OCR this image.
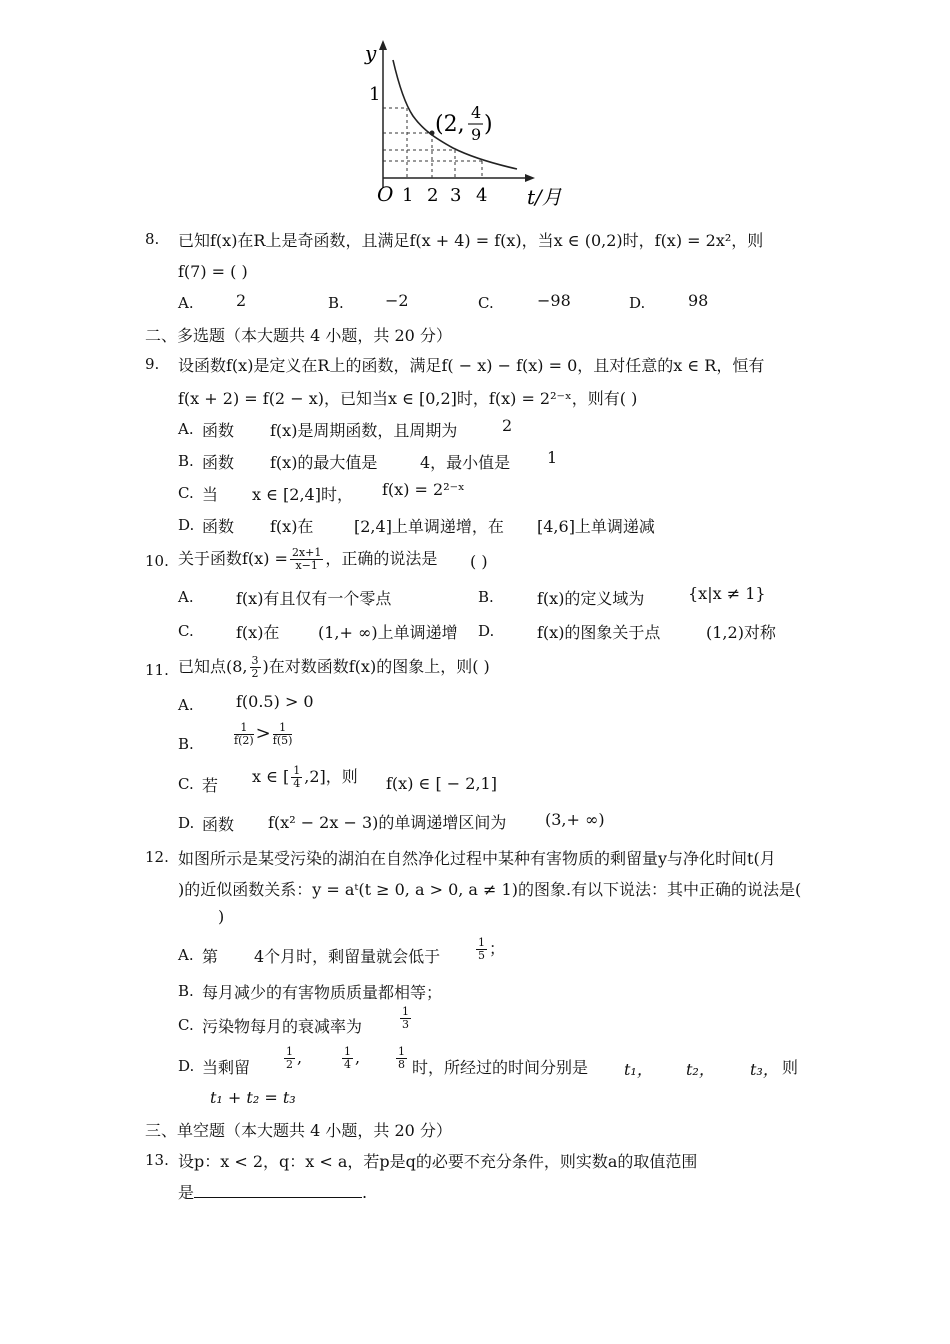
y
1
O 1 2 3 4 t/月
(2, 4
9 )
8. 已知f(x)在R上是奇函数，且满足f(x + 4) = f(x)，当x ∈ (0,2)时，f(x) = 2x²，则
f(7) = ( )
A.	2	B.	−2	C.	−98	D.	98
二、多选题（本大题共 4 小题，共 20 分）
9. 设函数f(x)是定义在R上的函数，满足f( − x) − f(x) = 0，且对任意的x ∈ R，恒有
f(x + 2) = f(2 − x)，已知当x ∈ [0,2]时，f(x) = 2²⁻ˣ，则有( )
A. 函数 f(x)是周期函数，且周期为	2
B. 函数 f(x)的最大值是	4，最小值是 1
C. 当 x ∈ [2,4]时， f(x) = 2²⁻ˣ
D. 函数 f(x)在	[2,4]上单调递增，在 [4,6]上单调递减
10. 关于函数$f(x) = \frac{2x+1}{x-1}$ ，正确的说法是 ( )
A.	f(x)有且仅有一个零点	B.	f(x)的定义域为	{x|x ≠ 1}
C.	f(x)在 (1,+ ∞)上单调递增 D.	f(x)的图象关于点	(1,2)对称
11. 已知点(8, $\frac{3}{2}$ )在对数函数f(x)的图象上，则( )
A.	f(0.5) > 0
B.	$\frac{1}{f(2)} > \frac{1}{f(5)}$
C. 若 x ∈ [ $\frac{1}{4} ,2$]，则 f(x) ∈ [ − 2,1]
D. 函数 f(x² − 2x − 3)的单调递增区间为 (3,+ ∞)
12. 如图所示是某受污染的湖泊在自然净化过程中某种有害物质的剩留量y与净化时间t(月
)的近似函数关系：y = aᵗ(t ≥ 0, a > 0, a ≠ 1)的图象.有以下说法：其中正确的说法是(
)
A. 第 4个月时，剩留量就会低于	$\frac{1}{5}$ ；
B. 每月减少的有害物质质量都相等；
C. 污染物每月的衰减率为	$\frac{1}{3}$
D. 当剩留	$\frac{1}{2}$ ,	$\frac{1}{4}$ ,	$\frac{1}{8}$ 时，所经过的时间分别是 t₁， t₂， t₃， 则
t₁ + t₂ = t₃
三、单空题（本大题共 4 小题，共 20 分）
13. 设p：x < 2，q：x < a，若p是q的必要不充分条件，则实数a的取值范围
是	.
